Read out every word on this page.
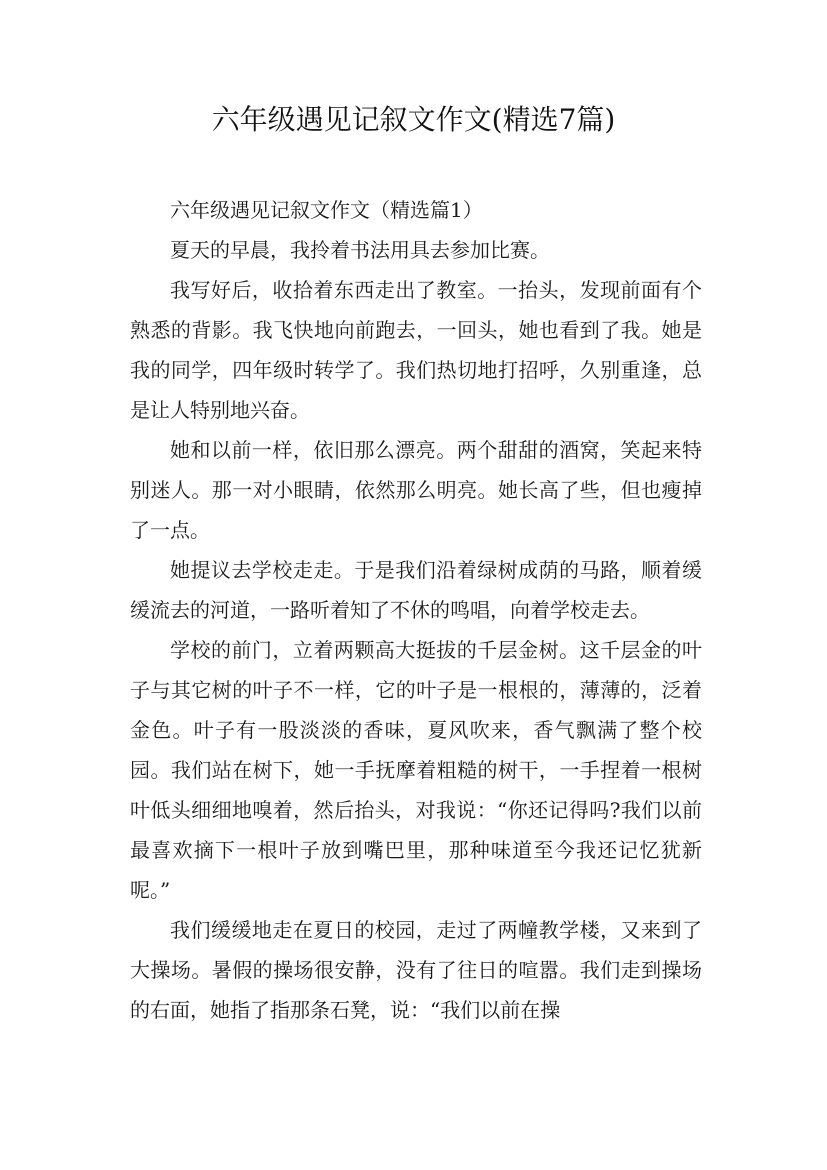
六年级遇见记叙文作文(精选7篇)

六年级遇见记叙文作文（精选篇1）

夏天的早晨，我拎着书法用具去参加比赛。

我写好后，收拾着东西走出了教室。一抬头，发现前面有个熟悉的背影。我飞快地向前跑去，一回头，她也看到了我。她是我的同学，四年级时转学了。我们热切地打招呼，久别重逢，总是让人特别地兴奋。

她和以前一样，依旧那么漂亮。两个甜甜的酒窝，笑起来特别迷人。那一对小眼睛，依然那么明亮。她长高了些，但也瘦掉了一点。

她提议去学校走走。于是我们沿着绿树成荫的马路，顺着缓缓流去的河道，一路听着知了不休的鸣唱，向着学校走去。

学校的前门，立着两颗高大挺拔的千层金树。这千层金的叶子与其它树的叶子不一样，它的叶子是一根根的，薄薄的，泛着金色。叶子有一股淡淡的香味，夏风吹来，香气飘满了整个校园。我们站在树下，她一手抚摩着粗糙的树干，一手捏着一根树叶低头细细地嗅着，然后抬头，对我说：“你还记得吗?我们以前最喜欢摘下一根叶子放到嘴巴里，那种味道至今我还记忆犹新呢。”

我们缓缓地走在夏日的校园，走过了两幢教学楼，又来到了大操场。暑假的操场很安静，没有了往日的喧嚣。我们走到操场的右面，她指了指那条石凳，说：“我们以前在操
